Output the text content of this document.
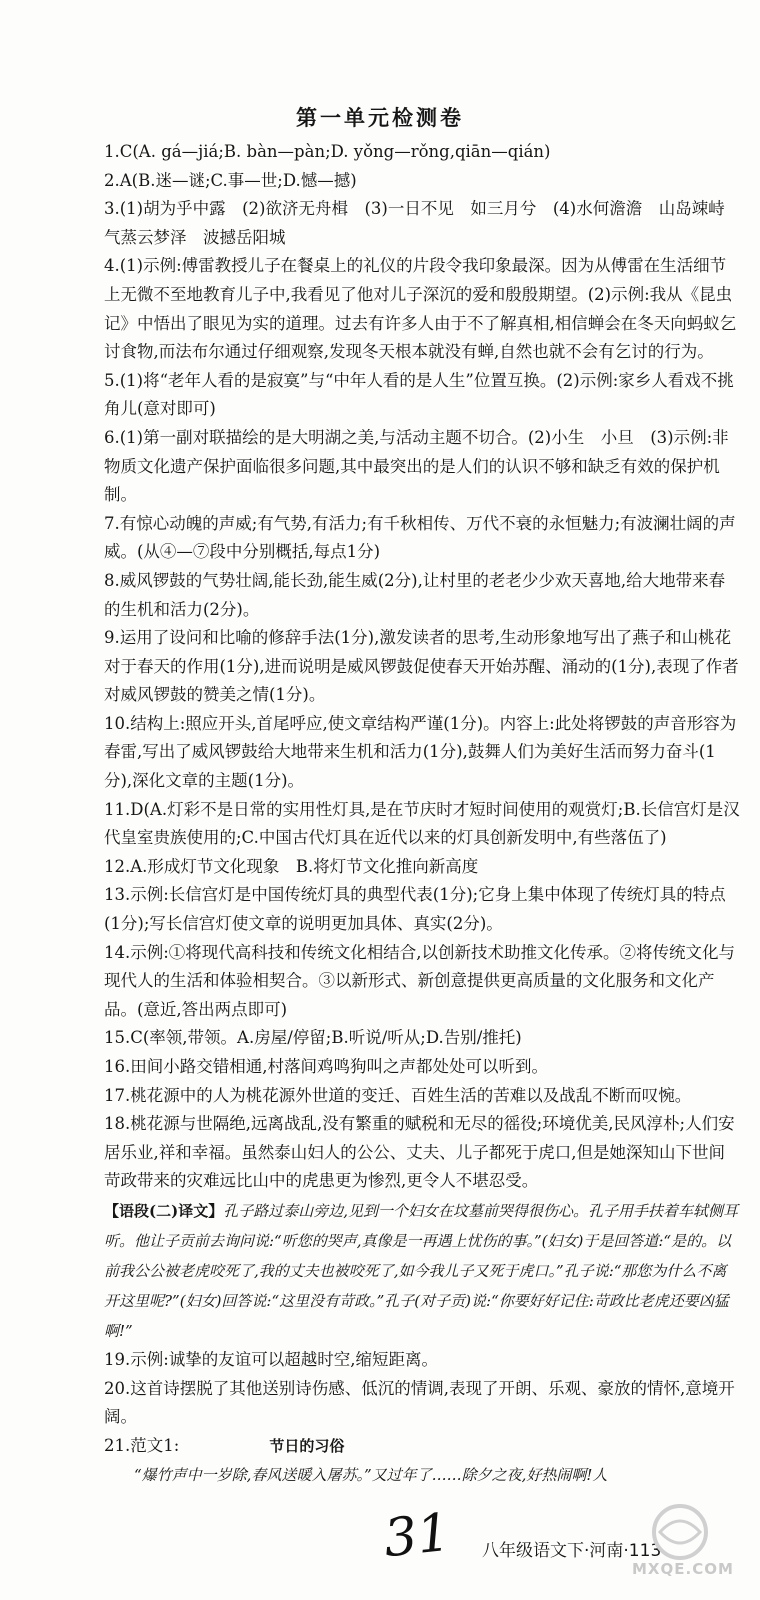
第一单元检测卷
1.C(A. gá—jiá;B. bàn—pàn;D. yǒng—rǒng,qiān—qián)
2.A(B.迷—谜;C.事—世;D.憾—撼)
3.(1)胡为乎中露　(2)欲济无舟楫　(3)一日不见　如三月兮　(4)水何澹澹　山岛竦峙　气蒸云梦泽　波撼岳阳城
4.(1)示例:傅雷教授儿子在餐桌上的礼仪的片段令我印象最深。因为从傅雷在生活细节上无微不至地教育儿子中,我看见了他对儿子深沉的爱和殷殷期望。(2)示例:我从《昆虫记》中悟出了眼见为实的道理。过去有许多人由于不了解真相,相信蝉会在冬天向蚂蚁乞讨食物,而法布尔通过仔细观察,发现冬天根本就没有蝉,自然也就不会有乞讨的行为。
5.(1)将“老年人看的是寂寞”与“中年人看的是人生”位置互换。(2)示例:家乡人看戏不挑角儿(意对即可)
6.(1)第一副对联描绘的是大明湖之美,与活动主题不切合。(2)小生　小旦　(3)示例:非物质文化遗产保护面临很多问题,其中最突出的是人们的认识不够和缺乏有效的保护机制。
7.有惊心动魄的声威;有气势,有活力;有千秋相传、万代不衰的永恒魅力;有波澜壮阔的声威。(从④—⑦段中分别概括,每点1分)
8.威风锣鼓的气势壮阔,能长劲,能生威(2分),让村里的老老少少欢天喜地,给大地带来春的生机和活力(2分)。
9.运用了设问和比喻的修辞手法(1分),激发读者的思考,生动形象地写出了燕子和山桃花对于春天的作用(1分),进而说明是威风锣鼓促使春天开始苏醒、涌动的(1分),表现了作者对威风锣鼓的赞美之情(1分)。
10.结构上:照应开头,首尾呼应,使文章结构严谨(1分)。内容上:此处将锣鼓的声音形容为春雷,写出了威风锣鼓给大地带来生机和活力(1分),鼓舞人们为美好生活而努力奋斗(1分),深化文章的主题(1分)。
11.D(A.灯彩不是日常的实用性灯具,是在节庆时才短时间使用的观赏灯;B.长信宫灯是汉代皇室贵族使用的;C.中国古代灯具在近代以来的灯具创新发明中,有些落伍了)
12.A.形成灯节文化现象　B.将灯节文化推向新高度
13.示例:长信宫灯是中国传统灯具的典型代表(1分);它身上集中体现了传统灯具的特点(1分);写长信宫灯使文章的说明更加具体、真实(2分)。
14.示例:①将现代高科技和传统文化相结合,以创新技术助推文化传承。②将传统文化与现代人的生活和体验相契合。③以新形式、新创意提供更高质量的文化服务和文化产品。(意近,答出两点即可)
15.C(率领,带领。A.房屋/停留;B.听说/听从;D.告别/推托)
16.田间小路交错相通,村落间鸡鸣狗叫之声都处处可以听到。
17.桃花源中的人为桃花源外世道的变迁、百姓生活的苦难以及战乱不断而叹惋。
18.桃花源与世隔绝,远离战乱,没有繁重的赋税和无尽的徭役;环境优美,民风淳朴;人们安居乐业,祥和幸福。虽然泰山妇人的公公、丈夫、儿子都死于虎口,但是她深知山下世间苛政带来的灾难远比山中的虎患更为惨烈,更令人不堪忍受。
【语段(二)译文】孔子路过泰山旁边,见到一个妇女在坟墓前哭得很伤心。孔子用手扶着车轼侧耳听。他让子贡前去询问说:“听您的哭声,真像是一再遇上忧伤的事。”(妇女)于是回答道:“是的。以前我公公被老虎咬死了,我的丈夫也被咬死了,如今我儿子又死于虎口。”孔子说:“那您为什么不离开这里呢?”(妇女)回答说:“这里没有苛政。”孔子(对子贡)说:“你要好好记住:苛政比老虎还要凶猛啊!”
19.示例:诚挚的友谊可以超越时空,缩短距离。
20.这首诗摆脱了其他送别诗伤感、低沉的情调,表现了开朗、乐观、豪放的情怀,意境开阔。
21.范文1:	节日的习俗
“爆竹声中一岁除,春风送暖入屠苏。”又过年了……除夕之夜,好热闹啊!人
31 八年级语文下·河南·113
MXQE.COM
